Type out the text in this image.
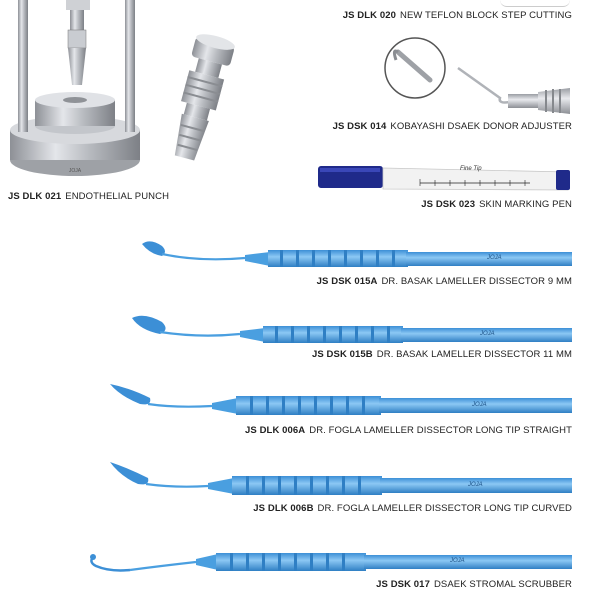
JOJA
JS DLK 020 NEW TEFLON BLOCK STEP CUTTING
JS DSK 014 KOBAYASHI DSAEK DONOR ADJUSTER
JS DLK 021 ENDOTHELIAL PUNCH
JS DSK 023 SKIN MARKING PEN
JS DSK 015A DR. BASAK LAMELLER DISSECTOR 9 MM
JS DSK 015B DR. BASAK LAMELLER DISSECTOR 11 MM
JS DLK 006A DR. FOGLA LAMELLER DISSECTOR LONG TIP STRAIGHT
JS DLK 006B DR. FOGLA LAMELLER DISSECTOR LONG TIP CURVED
JS DSK 017 DSAEK STROMAL SCRUBBER
JOJA
JOJA
JOJA
JOJA
JOJA
Fine Tip
